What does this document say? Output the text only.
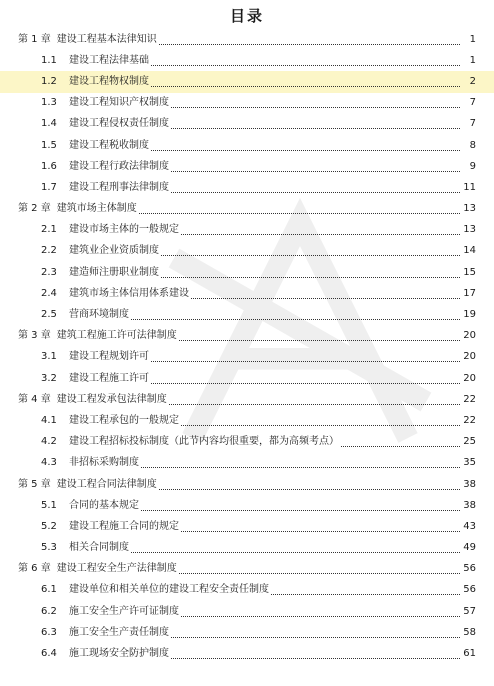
目录
第 1 章 建设工程基本法律知识	1
1.1	建设工程法律基础	1
1.2	建设工程物权制度	2
1.3	建设工程知识产权制度	7
1.4	建设工程侵权责任制度	7
1.5	建设工程税收制度	8
1.6	建设工程行政法律制度	9
1.7	建设工程刑事法律制度	11
第 2 章 建筑市场主体制度	13
2.1	建设市场主体的一般规定	13
2.2	建筑业企业资质制度	14
2.3	建造师注册职业制度	15
2.4	建筑市场主体信用体系建设	17
2.5	营商环境制度	19
第 3 章 建筑工程施工许可法律制度	20
3.1	建设工程规划许可	20
3.2	建设工程施工许可	20
第 4 章 建设工程发承包法律制度	22
4.1	建设工程承包的一般规定	22
4.2	建设工程招标投标制度（此节内容均很重要，都为高频考点）	25
4.3	非招标采购制度	35
第 5 章 建设工程合同法律制度	38
5.1	合同的基本规定	38
5.2	建设工程施工合同的规定	43
5.3	相关合同制度	49
第 6 章 建设工程安全生产法律制度	56
6.1	建设单位和相关单位的建设工程安全责任制度	56
6.2	施工安全生产许可证制度	57
6.3	施工安全生产责任制度	58
6.4	施工现场安全防护制度	61
